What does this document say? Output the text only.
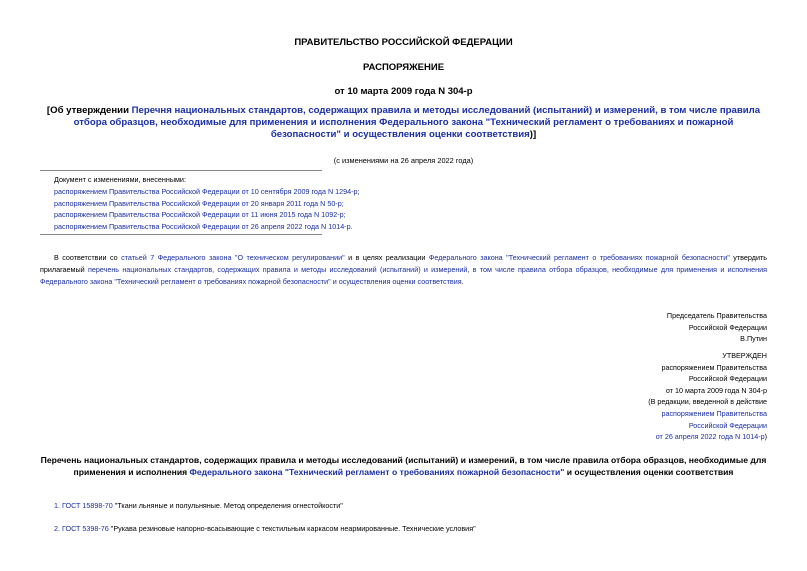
ПРАВИТЕЛЬСТВО РОССИЙСКОЙ ФЕДЕРАЦИИ
РАСПОРЯЖЕНИЕ
от 10 марта 2009 года N 304-р
[Об утверждении Перечня национальных стандартов, содержащих правила и методы исследований (испытаний) и измерений, в том числе правила отбора образцов, необходимые для применения и исполнения Федерального закона "Технический регламент о требованиях и пожарной безопасности" и осуществления оценки соответствия)]
(с изменениями на 26 апреля 2022 года)
Документ с изменениями, внесенными:
распоряжением Правительства Российской Федерации от 10 сентября 2009 года N 1294-р;
распоряжением Правительства Российской Федерации от 20 января 2011 года N 50-р;
распоряжением Правительства Российской Федерации от 11 июня 2015 года N 1092-р;
распоряжением Правительства Российской Федерации от 26 апреля 2022 года N 1014-р.
В соответствии со статьей 7 Федерального закона "О техническом регулировании" и в целях реализации Федерального закона "Технический регламент о требованиях пожарной безопасности" утвердить прилагаемый перечень национальных стандартов, содержащих правила и методы исследований (испытаний) и измерений, в том числе правила отбора образцов, необходимые для применения и исполнения Федерального закона "Технический регламент о требованиях пожарной безопасности" и осуществления оценки соответствия.
Председатель Правительства
Российской Федерации
В.Путин
УТВЕРЖДЕН
распоряжением Правительства
Российской Федерации
от 10 марта 2009 года N 304-р
(В редакции, введенной в действие
распоряжением Правительства
Российской Федерации
от 26 апреля 2022 года N 1014-р)
Перечень национальных стандартов, содержащих правила и методы исследований (испытаний) и измерений, в том числе правила отбора образцов, необходимые для применения и исполнения Федерального закона "Технический регламент о требованиях пожарной безопасности" и осуществления оценки соответствия
1. ГОСТ 15898-70 "Ткани льняные и полульняные. Метод определения огнестойкости"
2. ГОСТ 5398-76 "Рукава резиновые напорно-всасывающие с текстильным каркасом неармированные. Технические условия"
